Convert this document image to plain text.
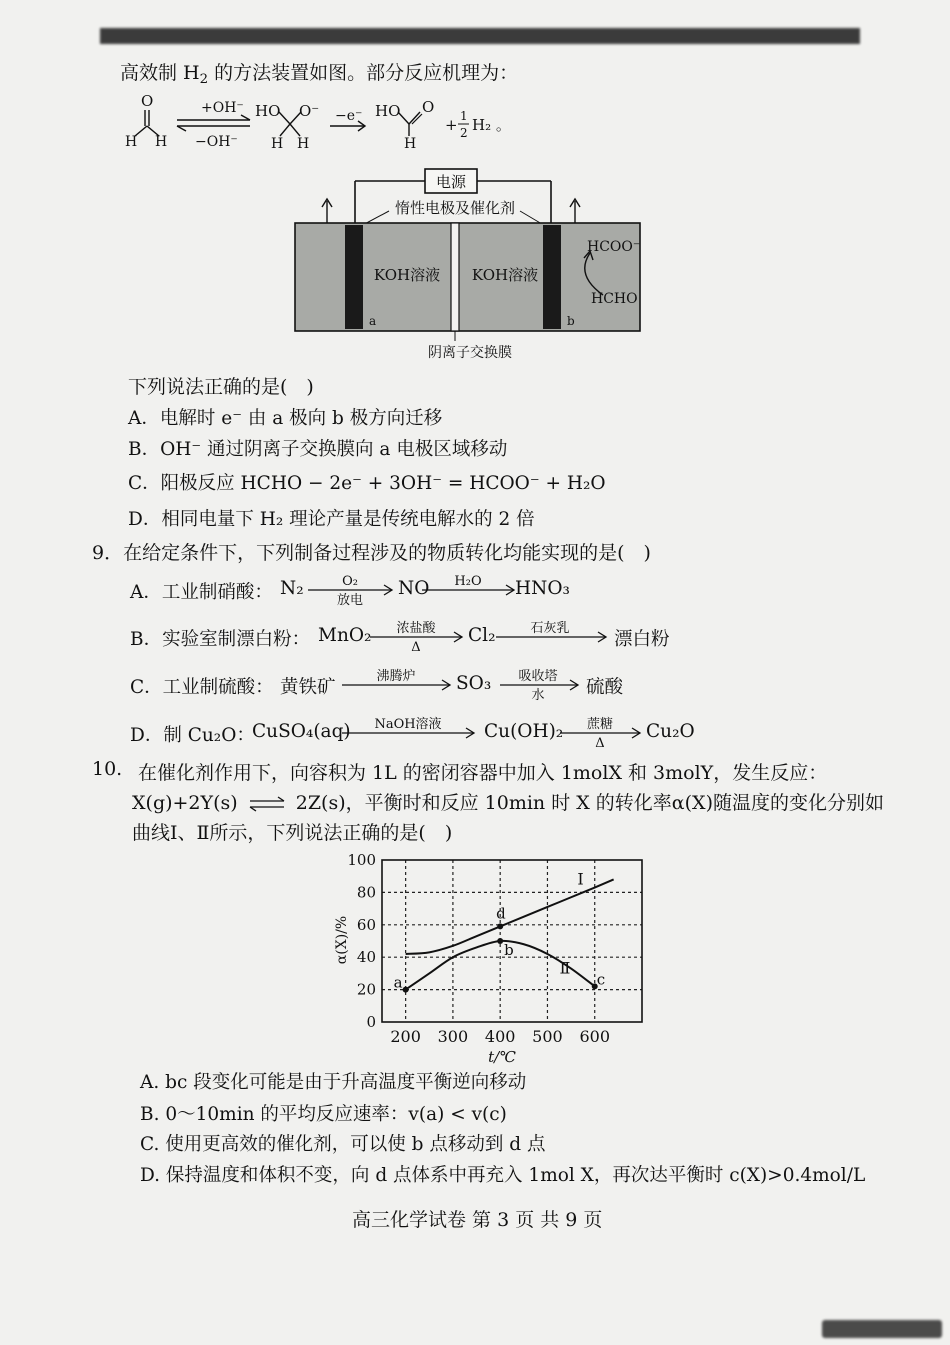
高效制 $H_2$ 的方法装置如图。部分反应机理为：
O
H H
+OH⁻
−OH⁻
HO O⁻
H H
−e⁻ HO O
H
+ 1
2 H₂ 。
电源
惰性电极及催化剂
a	b
KOH溶液 KOH溶液
HCOO⁻
HCHO
阴离子交换膜
下列说法正确的是(　)
A．电解时 e⁻ 由 a 极向 b 极方向迁移
B．OH⁻ 通过阴离子交换膜向 a 电极区域移动
C．阳极反应 HCHO − 2e⁻ + 3OH⁻ = HCOO⁻ + H₂O
D．相同电量下 H₂ 理论产量是传统电解水的 2 倍
9．在给定条件下，下列制备过程涉及的物质转化均能实现的是(　)
A．工业制硝酸： N₂	O₂
放电
NO H₂O HNO₃
B．实验室制漂白粉： MnO₂ 浓盐酸
Δ
Cl₂	石灰乳
漂白粉
C．工业制硫酸： 黄铁矿
沸腾炉 SO₃ 吸收塔
水 硫酸
D．制 Cu₂O：
CuSO₄(aq) NaOH溶液 Cu(OH)₂ 蔗糖
Δ
Cu₂O
10. 在催化剂作用下，向容积为 1L 的密闭容器中加入 1molX 和 3molY，发生反应：
X(g)+2Y(s) ⇌ 2Z(s)，平衡时和反应 10min 时 X 的转化率α(X)随温度的变化分别如
曲线Ⅰ、Ⅱ所示，下列说法正确的是(　)
200 300 400 500 600
0
20
40
60
80
100
a
b
d
c
Ⅰ
Ⅱ
α(X)/%
t/℃
A. bc 段变化可能是由于升高温度平衡逆向移动
B. 0～10min 的平均反应速率：v(a) < v(c)
C. 使用更高效的催化剂，可以使 b 点移动到 d 点
D. 保持温度和体积不变，向 d 点体系中再充入 1mol X，再次达平衡时 c(X)>0.4mol/L
高三化学试卷 第 3 页 共 9 页
